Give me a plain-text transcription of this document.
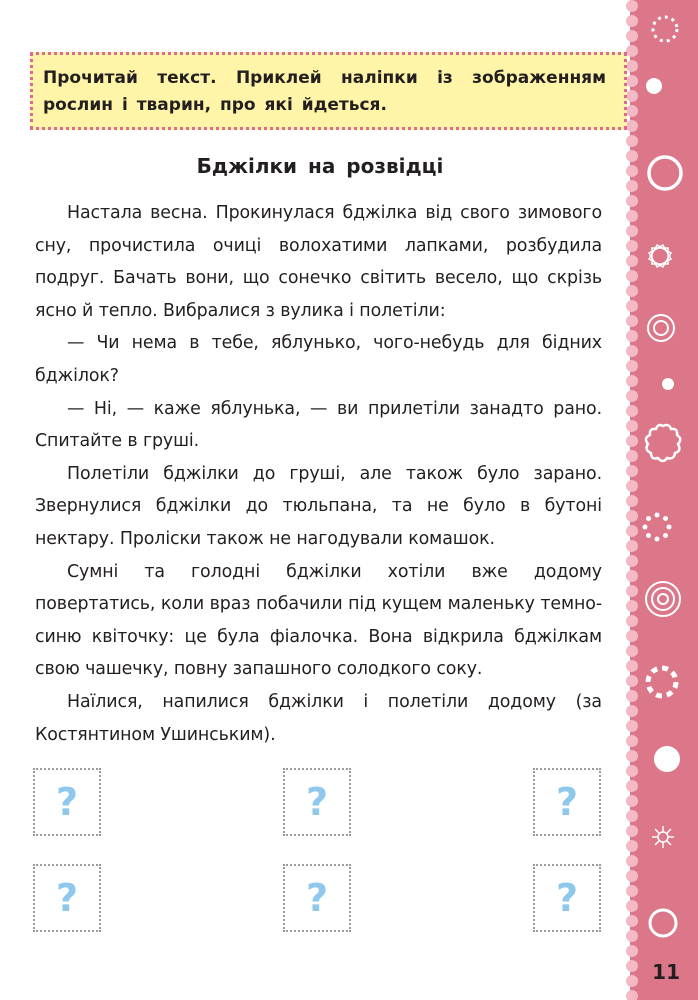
11

Прочитай текст. Приклей наліпки із зображенням рослин і тварин, про які йдеться.

Бджілки на розвідці

Настала весна. Прокинулася бджілка від свого зимового сну, прочистила очиці волохатими лапками, розбудила подруг. Бачать вони, що сонечко світить весело, що скрізь ясно й тепло. Вибралися з вулика і полетіли:

— Чи нема в тебе, яблунько, чого-небудь для бідних бджілок?

— Ні, — каже яблунька, — ви прилетіли занадто рано. Спитайте в груші.

Полетіли бджілки до груші, але також було зарано. Звернулися бджілки до тюльпана, та не було в бутоні нектару. Проліски також не нагодували комашок.

Сумні та голодні бджілки хотіли вже додому повертатись, коли враз побачили під кущем маленьку темно-синю квіточку: це була фіалочка. Вона відкрила бджілкам свою чашечку, повну запашного солодкого соку.

Наїлися, напилися бджілки і полетіли додому (за Костянтином Ушинським).

?	?	?
?	?	?
